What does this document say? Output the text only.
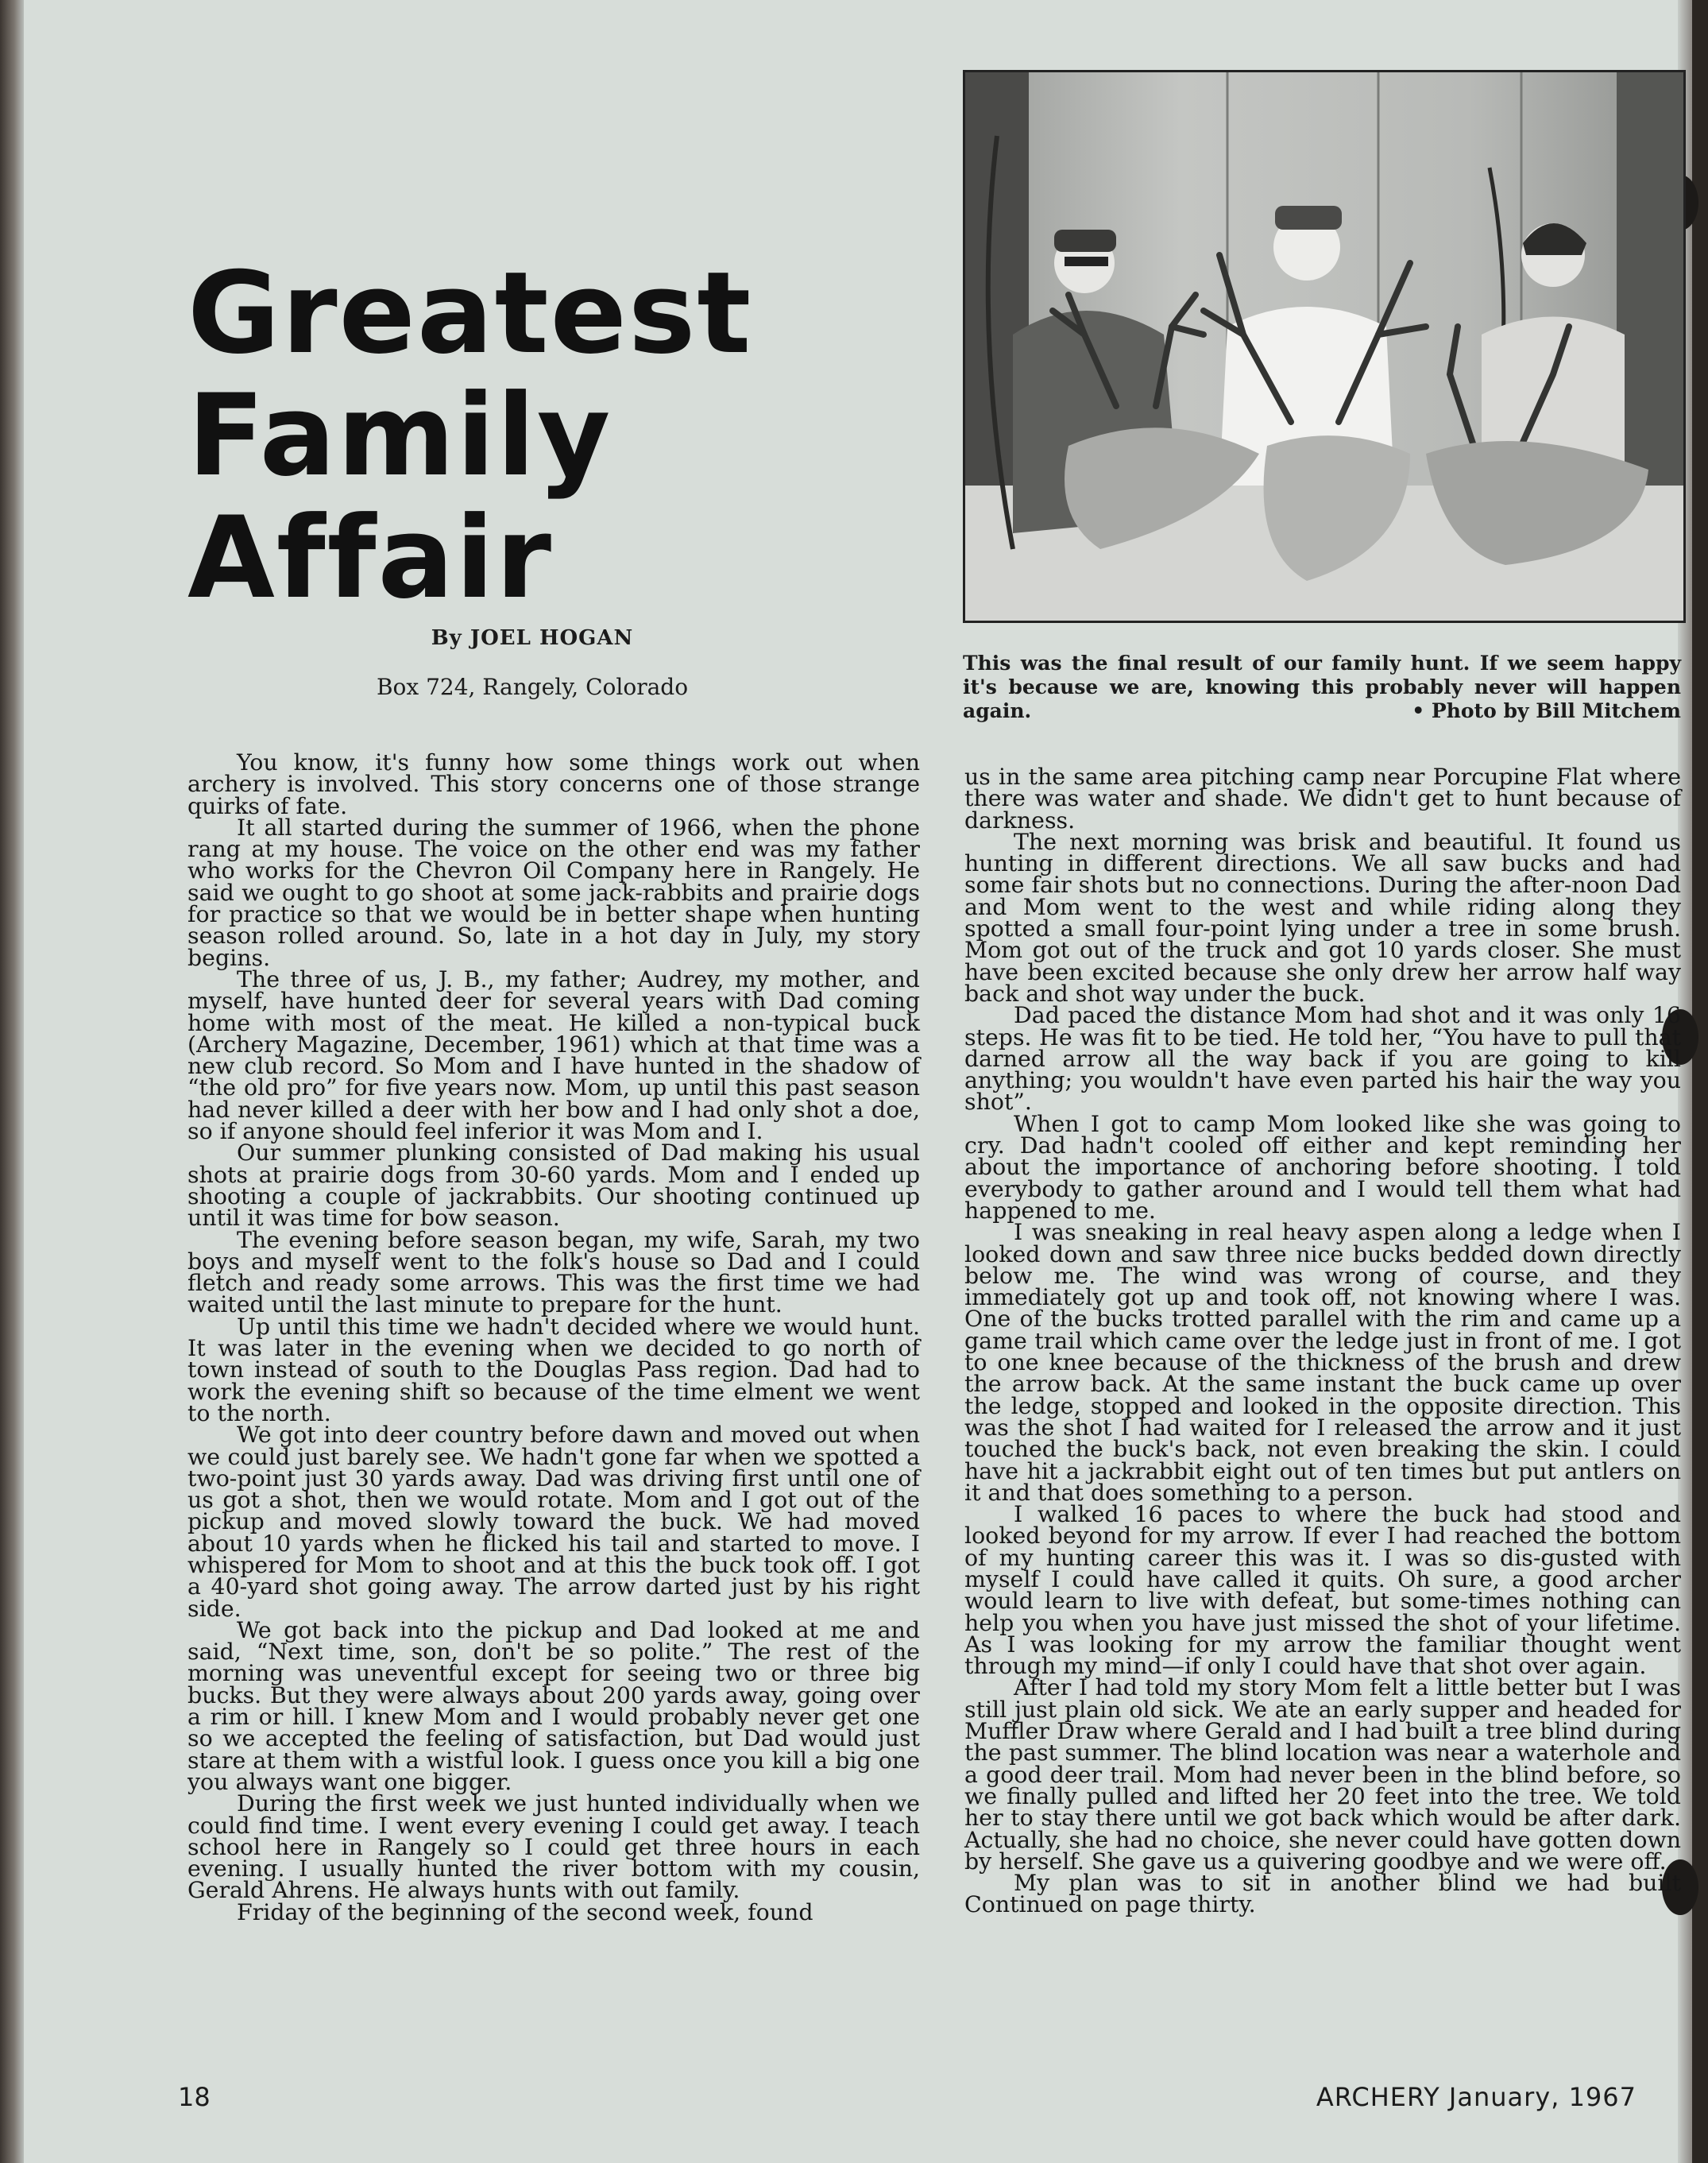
Greatest
Family
Affair
By JOEL HOGAN
Box 724, Rangely, Colorado
This was the final result of our family hunt. If we seem happy it's because we are, knowing this probably never will happen again.	• Photo by Bill Mitchem

You know, it's funny how some things work out when archery is involved. This story concerns one of those strange quirks of fate.

It all started during the summer of 1966, when the phone rang at my house. The voice on the other end was my father who works for the Chevron Oil Company here in Rangely. He said we ought to go shoot at some jack-rabbits and prairie dogs for practice so that we would be in better shape when hunting season rolled around. So, late in a hot day in July, my story begins.

The three of us, J. B., my father; Audrey, my mother, and myself, have hunted deer for several years with Dad coming home with most of the meat. He killed a non-typical buck (Archery Magazine, December, 1961) which at that time was a new club record. So Mom and I have hunted in the shadow of “the old pro” for five years now. Mom, up until this past season had never killed a deer with her bow and I had only shot a doe, so if anyone should feel inferior it was Mom and I.

Our summer plunking consisted of Dad making his usual shots at prairie dogs from 30-60 yards. Mom and I ended up shooting a couple of jackrabbits. Our shooting continued up until it was time for bow season.

The evening before season began, my wife, Sarah, my two boys and myself went to the folk's house so Dad and I could fletch and ready some arrows. This was the first time we had waited until the last minute to prepare for the hunt.

Up until this time we hadn't decided where we would hunt. It was later in the evening when we decided to go north of town instead of south to the Douglas Pass region. Dad had to work the evening shift so because of the time elment we went to the north.

We got into deer country before dawn and moved out when we could just barely see. We hadn't gone far when we spotted a two-point just 30 yards away. Dad was driving first until one of us got a shot, then we would rotate. Mom and I got out of the pickup and moved slowly toward the buck. We had moved about 10 yards when he flicked his tail and started to move. I whispered for Mom to shoot and at this the buck took off. I got a 40-yard shot going away. The arrow darted just by his right side.

We got back into the pickup and Dad looked at me and said, “Next time, son, don't be so polite.” The rest of the morning was uneventful except for seeing two or three big bucks. But they were always about 200 yards away, going over a rim or hill. I knew Mom and I would probably never get one so we accepted the feeling of satisfaction, but Dad would just stare at them with a wistful look. I guess once you kill a big one you always want one bigger.

During the first week we just hunted individually when we could find time. I went every evening I could get away. I teach school here in Rangely so I could get three hours in each evening. I usually hunted the river bottom with my cousin, Gerald Ahrens. He always hunts with out family.

Friday of the beginning of the second week, found

us in the same area pitching camp near Porcupine Flat where there was water and shade. We didn't get to hunt because of darkness.

The next morning was brisk and beautiful. It found us hunting in different directions. We all saw bucks and had some fair shots but no connections. During the after-noon Dad and Mom went to the west and while riding along they spotted a small four-point lying under a tree in some brush. Mom got out of the truck and got 10 yards closer. She must have been excited because she only drew her arrow half way back and shot way under the buck.

Dad paced the distance Mom had shot and it was only 16 steps. He was fit to be tied. He told her, “You have to pull that darned arrow all the way back if you are going to kill anything; you wouldn't have even parted his hair the way you shot”.

When I got to camp Mom looked like she was going to cry. Dad hadn't cooled off either and kept reminding her about the importance of anchoring before shooting. I told everybody to gather around and I would tell them what had happened to me.

I was sneaking in real heavy aspen along a ledge when I looked down and saw three nice bucks bedded down directly below me. The wind was wrong of course, and they immediately got up and took off, not knowing where I was. One of the bucks trotted parallel with the rim and came up a game trail which came over the ledge just in front of me. I got to one knee because of the thickness of the brush and drew the arrow back. At the same instant the buck came up over the ledge, stopped and looked in the opposite direction. This was the shot I had waited for I released the arrow and it just touched the buck's back, not even breaking the skin. I could have hit a jackrabbit eight out of ten times but put antlers on it and that does something to a person.

I walked 16 paces to where the buck had stood and looked beyond for my arrow. If ever I had reached the bottom of my hunting career this was it. I was so dis-gusted with myself I could have called it quits. Oh sure, a good archer would learn to live with defeat, but some-times nothing can help you when you have just missed the shot of your lifetime. As I was looking for my arrow the familiar thought went through my mind—if only I could have that shot over again.

After I had told my story Mom felt a little better but I was still just plain old sick. We ate an early supper and headed for Muffler Draw where Gerald and I had built a tree blind during the past summer. The blind location was near a waterhole and a good deer trail. Mom had never been in the blind before, so we finally pulled and lifted her 20 feet into the tree. We told her to stay there until we got back which would be after dark. Actually, she had no choice, she never could have gotten down by herself. She gave us a quivering goodbye and we were off.

My plan was to sit in another blind we had built Continued on page thirty.

18	ARCHERY January, 1967
